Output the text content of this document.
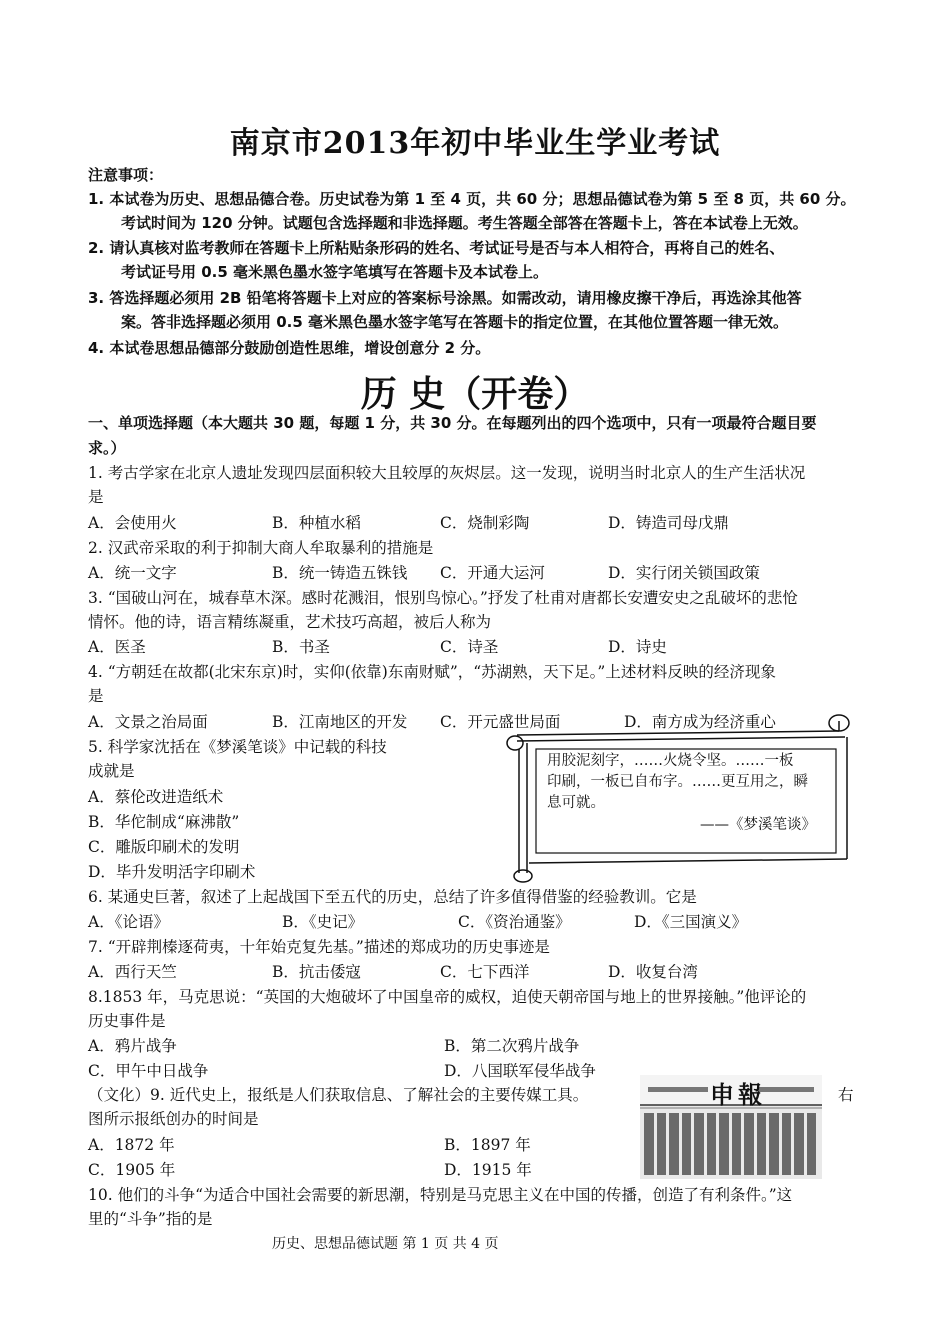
南京市2013年初中毕业生学业考试
注意事项：
1. 本试卷为历史、思想品德合卷。历史试卷为第 1 至 4 页，共 60 分；思想品德试卷为第 5 至 8 页，共 60 分。
考试时间为 120 分钟。试题包含选择题和非选择题。考生答题全部答在答题卡上，答在本试卷上无效。
2. 请认真核对监考教师在答题卡上所粘贴条形码的姓名、考试证号是否与本人相符合，再将自己的姓名、
考试证号用 0.5 毫米黑色墨水签字笔填写在答题卡及本试卷上。
3. 答选择题必须用 2B 铅笔将答题卡上对应的答案标号涂黑。如需改动，请用橡皮擦干净后，再选涂其他答
案。答非选择题必须用 0.5 毫米黑色墨水签字笔写在答题卡的指定位置，在其他位置答题一律无效。
4. 本试卷思想品德部分鼓励创造性思维，增设创意分 2 分。
历 史（开卷）
一、单项选择题（本大题共 30 题，每题 1 分，共 30 分。在每题列出的四个选项中，只有一项最符合题目要
求。）
1. 考古学家在北京人遗址发现四层面积较大且较厚的灰烬层。这一发现，说明当时北京人的生产生活状况
是
A．会使用火	B．种植水稻	C．烧制彩陶	D．铸造司母戊鼎
2. 汉武帝采取的利于抑制大商人牟取暴利的措施是
A．统一文字	B．统一铸造五铢钱 C．开通大运河	D．实行闭关锁国政策
3. “国破山河在，城春草木深。感时花溅泪，恨别鸟惊心。”抒发了杜甫对唐都长安遭安史之乱破坏的悲怆
情怀。他的诗，语言精练凝重，艺术技巧高超，被后人称为
A．医圣	B．书圣	C．诗圣	D．诗史
4. “方朝廷在故都(北宋东京)时，实仰(依靠)东南财赋”，“苏湖熟，天下足。”上述材料反映的经济现象
是
A．文景之治局面	B．江南地区的开发 C．开元盛世局面	D．南方成为经济重心
5. 科学家沈括在《梦溪笔谈》中记载的科技
成就是
A．蔡伦改进造纸术
B．华佗制成“麻沸散”
C．雕版印刷术的发明
D．毕升发明活字印刷术
用胶泥刻字，……火烧令坚。……一板
印刷，一板已自布字。……更互用之，瞬
息可就。
——《梦溪笔谈》
6. 某通史巨著，叙述了上起战国下至五代的历史，总结了许多值得借鉴的经验教训。它是
A．《论语》	B．《史记》	C．《资治通鉴》	D．《三国演义》
7. “开辟荆榛逐荷夷，十年始克复先基。”描述的郑成功的历史事迹是
A．西行天竺	B．抗击倭寇	C．七下西洋	D．收复台湾
8.1853 年，马克思说：“英国的大炮破坏了中国皇帝的威权，迫使天朝帝国与地上的世界接触。”他评论的
历史事件是
A．鸦片战争	B．第二次鸦片战争
C．甲午中日战争	D．八国联军侵华战争
（文化）9. 近代史上，报纸是人们获取信息、了解社会的主要传媒工具。	右
图所示报纸创办的时间是
A．1872 年	B．1897 年
C．1905 年	D．1915 年
申報
10. 他们的斗争“为适合中国社会需要的新思潮，特别是马克思主义在中国的传播，创造了有利条件。”这
里的“斗争”指的是
历史、思想品德试题 第 1 页 共 4 页
